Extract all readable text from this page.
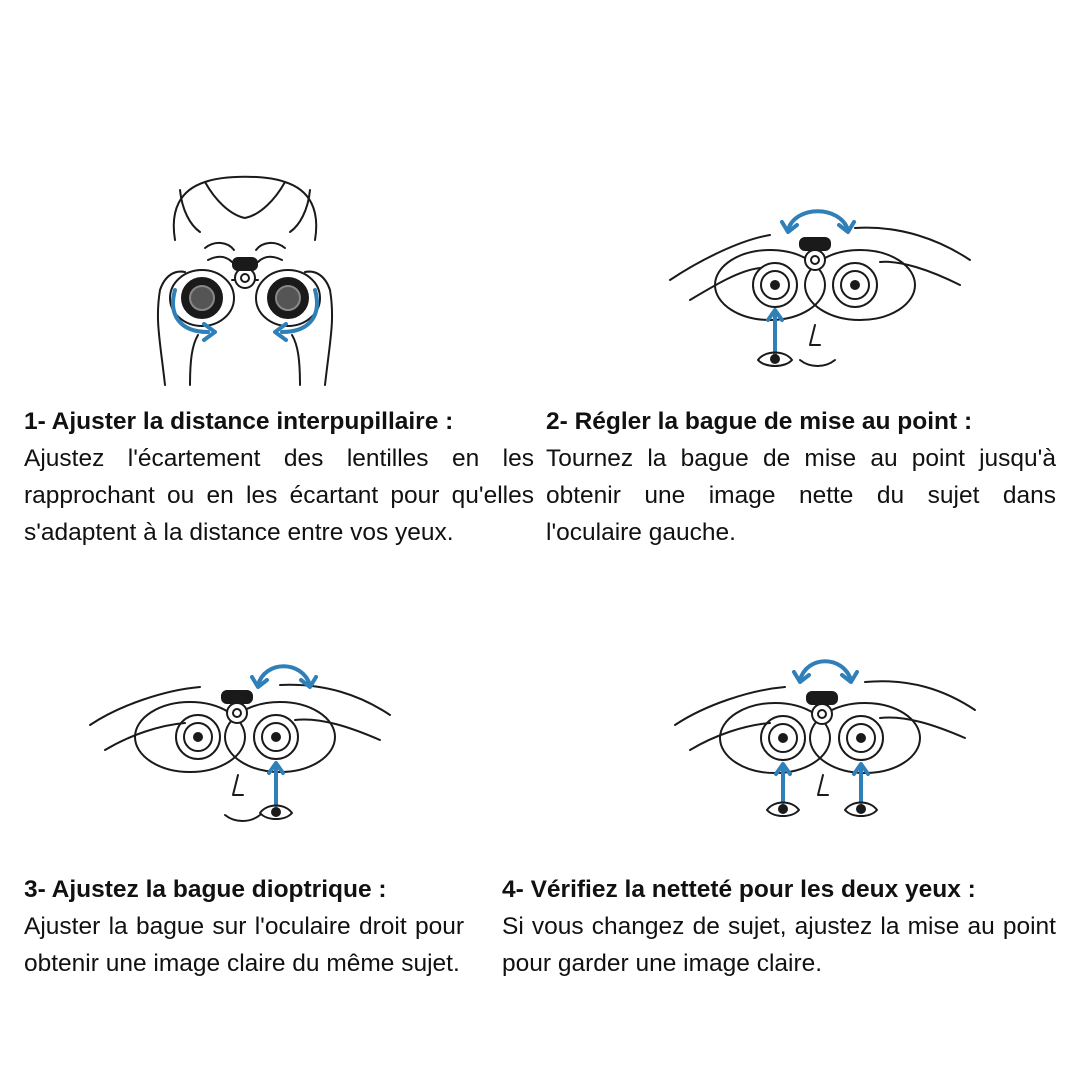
1- Ajuster la distance interpupillaire :
Ajustez l'écartement des lentilles en les rapprochant ou en les écartant pour qu'elles s'adaptent à la distance entre vos yeux.
2- Régler la bague de mise au point :
Tournez la bague de mise au point jusqu'à obtenir une image nette du sujet dans l'oculaire gauche.
3- Ajustez la bague dioptrique :
Ajuster la bague sur l'oculaire droit pour obtenir une image claire du même sujet.
4- Vérifiez la netteté pour les deux yeux :
Si vous changez de sujet, ajustez la mise au point pour garder une image claire.
